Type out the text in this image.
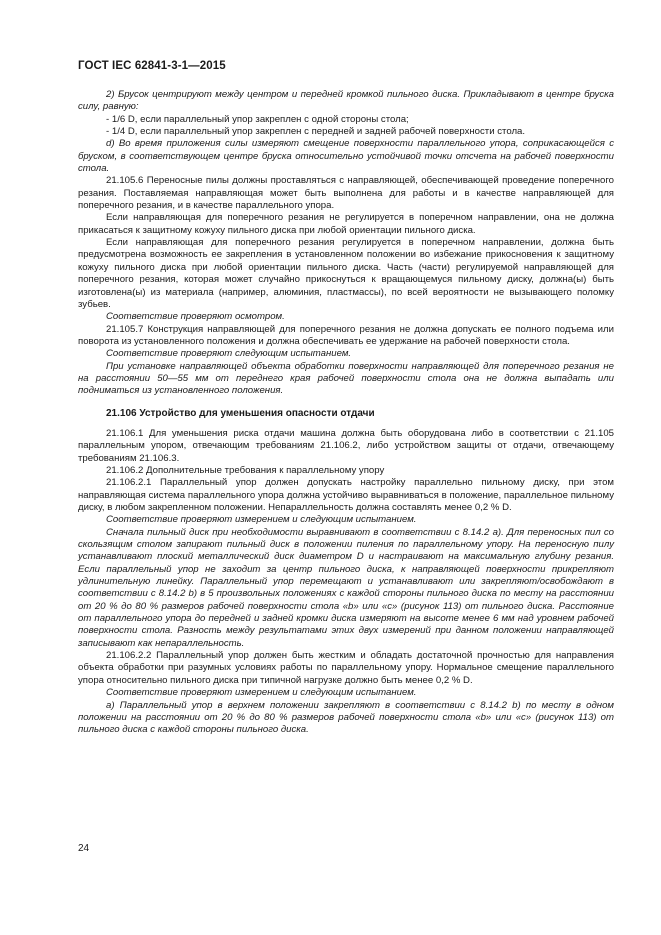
ГОСТ IEC 62841-3-1—2015

2) Брусок центрируют между центром и передней кромкой пильного диска. Прикладывают в центре бруска силу, равную:

- 1/6 D, если параллельный упор закреплен с одной стороны стола;

- 1/4 D, если параллельный упор закреплен с передней и задней рабочей поверхности стола.

d) Во время приложения силы измеряют смещение поверхности параллельного упора, соприкасающейся с бруском, в соответствующем центре бруска относительно устойчивой точки отсчета на рабочей поверхности стола.

21.105.6 Переносные пилы должны проставляться с направляющей, обеспечивающей проведение поперечного резания. Поставляемая направляющая может быть выполнена для работы и в качестве направляющей для поперечного резания, и в качестве параллельного упора.

Если направляющая для поперечного резания не регулируется в поперечном направлении, она не должна прикасаться к защитному кожуху пильного диска при любой ориентации пильного диска.

Если направляющая для поперечного резания регулируется в поперечном направлении, должна быть предусмотрена возможность ее закрепления в установленном положении во избежание прикосновения к защитному кожуху пильного диска при любой ориентации пильного диска. Часть (части) регулируемой направляющей для поперечного резания, которая может случайно прикоснуться к вращающемуся пильному диску, должна(ы) быть изготовлена(ы) из материала (например, алюминия, пластмассы), по всей вероятности не вызывающего поломку зубьев.

Соответствие проверяют осмотром.

21.105.7 Конструкция направляющей для поперечного резания не должна допускать ее полного подъема или поворота из установленного положения и должна обеспечивать ее удержание на рабочей поверхности стола.

Соответствие проверяют следующим испытанием.

При установке направляющей объекта обработки поверхности направляющей для поперечного резания не на расстоянии 50—55 мм от переднего края рабочей поверхности стола она не должна выпадать или подниматься из установленного положения.

21.106 Устройство для уменьшения опасности отдачи

21.106.1 Для уменьшения риска отдачи машина должна быть оборудована либо в соответствии с 21.105 параллельным упором, отвечающим требованиям 21.106.2, либо устройством защиты от отдачи, отвечающему требованиям 21.106.3.

21.106.2 Дополнительные требования к параллельному упору

21.106.2.1 Параллельный упор должен допускать настройку параллельно пильному диску, при этом направляющая система параллельного упора должна устойчиво выравниваться в положение, параллельное пильному диску, в любом закрепленном положении. Непараллельность должна составлять менее 0,2 % D.

Соответствие проверяют измерением и следующим испытанием.

Сначала пильный диск при необходимости выравнивают в соответствии с 8.14.2 а). Для переносных пил со скользящим столом запирают пильный диск в положении пиления по параллельному упору. На переносную пилу устанавливают плоский металлический диск диаметром D и настраивают на максимальную глубину резания. Если параллельный упор не заходит за центр пильного диска, к направляющей поверхности прикрепляют удлинительную линейку. Параллельный упор перемещают и устанавливают или закрепляют/освобождают в соответствии с 8.14.2 b) в 5 произвольных положениях с каждой стороны пильного диска по месту на расстоянии от 20 % до 80 % размеров рабочей поверхности стола «b» или «c» (рисунок 113) от пильного диска. Расстояние от параллельного упора до передней и задней кромки диска измеряют на высоте менее 6 мм над уровнем рабочей поверхности стола. Разность между результатами этих двух измерений при данном положении направляющей записывают как непараллельность.

21.106.2.2 Параллельный упор должен быть жестким и обладать достаточной прочностью для направления объекта обработки при разумных условиях работы по параллельному упору. Нормальное смещение параллельного упора относительно пильного диска при типичной нагрузке должно быть менее 0,2 % D.

Соответствие проверяют измерением и следующим испытанием.

а) Параллельный упор в верхнем положении закрепляют в соответствии с 8.14.2 b) по месту в одном положении на расстоянии от 20 % до 80 % размеров рабочей поверхности стола «b» или «c» (рисунок 113) от пильного диска с каждой стороны пильного диска.

24
